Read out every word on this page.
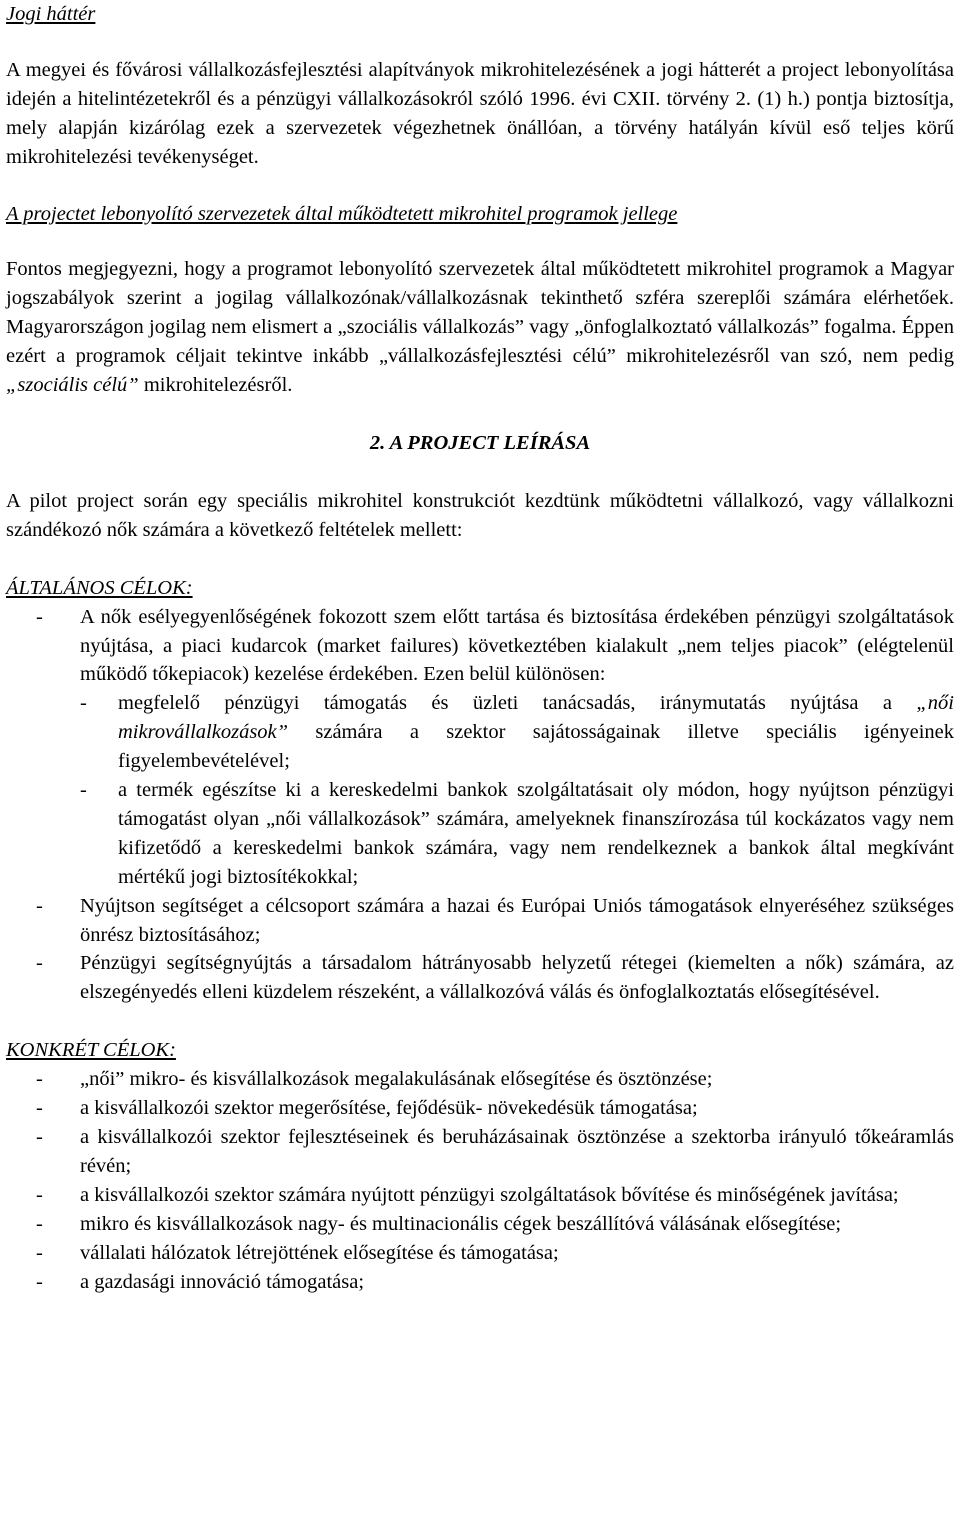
Jogi háttér

A megyei és fővárosi vállalkozásfejlesztési alapítványok mikrohitelezésének a jogi hátterét a project lebonyolítása idején a hitelintézetekről és a pénzügyi vállalkozásokról szóló 1996. évi CXII. törvény 2. (1) h.) pontja biztosítja, mely alapján kizárólag ezek a szervezetek végezhetnek önállóan, a törvény hatályán kívül eső teljes körű mikrohitelezési tevékenységet.

A projectet lebonyolító szervezetek által működtetett mikrohitel programok jellege

Fontos megjegyezni, hogy a programot lebonyolító szervezetek által működtetett mikrohitel programok a Magyar jogszabályok szerint a jogilag vállalkozónak/vállalkozásnak tekinthető szféra szereplői számára elérhetőek. Magyarországon jogilag nem elismert a „szociális vállalkozás” vagy „önfoglalkoztató vállalkozás” fogalma. Éppen ezért a programok céljait tekintve inkább „vállalkozásfejlesztési célú” mikrohitelezésről van szó, nem pedig „szociális célú” mikrohitelezésről.

2. A PROJECT LEÍRÁSA

A pilot project során egy speciális mikrohitel konstrukciót kezdtünk működtetni vállalkozó, vagy vállalkozni szándékozó nők számára a következő feltételek mellett:

ÁLTALÁNOS CÉLOK:

- A nők esélyegyenlőségének fokozott szem előtt tartása és biztosítása érdekében pénzügyi szolgáltatások nyújtása, a piaci kudarcok (market failures) következtében kialakult „nem teljes piacok” (elégtelenül működő tőkepiacok) kezelése érdekében. Ezen belül különösen:
- megfelelő pénzügyi támogatás és üzleti tanácsadás, iránymutatás nyújtása a „női mikrovállalkozások” számára a szektor sajátosságainak illetve speciális igényeinek figyelembevételével;
- a termék egészítse ki a kereskedelmi bankok szolgáltatásait oly módon, hogy nyújtson pénzügyi támogatást olyan „női vállalkozások” számára, amelyeknek finanszírozása túl kockázatos vagy nem kifizetődő a kereskedelmi bankok számára, vagy nem rendelkeznek a bankok által megkívánt mértékű jogi biztosítékokkal;
- Nyújtson segítséget a célcsoport számára a hazai és Európai Uniós támogatások elnyeréséhez szükséges önrész biztosításához;
- Pénzügyi segítségnyújtás a társadalom hátrányosabb helyzetű rétegei (kiemelten a nők) számára, az elszegényedés elleni küzdelem részeként, a vállalkozóvá válás és önfoglalkoztatás elősegítésével.

KONKRÉT CÉLOK:

- „női” mikro- és kisvállalkozások megalakulásának elősegítése és ösztönzése;
- a kisvállalkozói szektor megerősítése, fejődésük- növekedésük támogatása;
- a kisvállalkozói szektor fejlesztéseinek és beruházásainak ösztönzése a szektorba irányuló tőkeáramlás révén;
- a kisvállalkozói szektor számára nyújtott pénzügyi szolgáltatások bővítése és minőségének javítása;
- mikro és kisvállalkozások nagy- és multinacionális cégek beszállítóvá válásának elősegítése;
- vállalati hálózatok létrejöttének elősegítése és támogatása;
- a gazdasági innováció támogatása;
